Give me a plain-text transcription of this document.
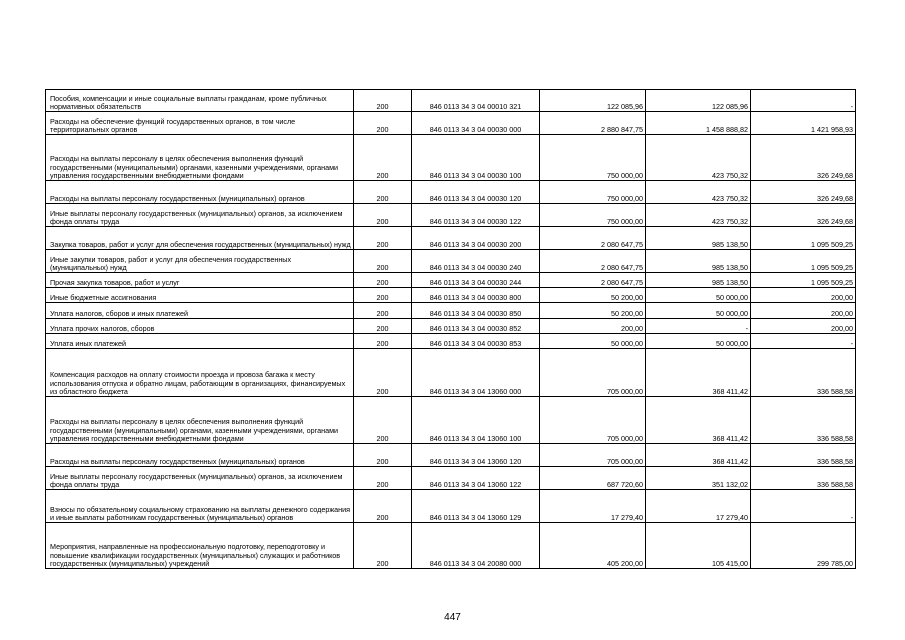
Пособия, компенсации и иные социальные выплаты гражданам, кроме публичных нормативных обязательств	200	846 0113 34 3 04 00010 321	122 085,96	122 085,96	-
Расходы на обеспечение функций государственных органов, в том числе территориальных органов	200	846 0113 34 3 04 00030 000	2 880 847,75	1 458 888,82	1 421 958,93
Расходы на выплаты персоналу в целях обеспечения выполнения функций государственными (муниципальными) органами, казенными учреждениями, органами управления государственными внебюджетными фондами	200	846 0113 34 3 04 00030 100	750 000,00	423 750,32	326 249,68
Расходы на выплаты персоналу государственных (муниципальных) органов	200	846 0113 34 3 04 00030 120	750 000,00	423 750,32	326 249,68
Иные выплаты персоналу государственных (муниципальных) органов, за исключением фонда оплаты труда	200	846 0113 34 3 04 00030 122	750 000,00	423 750,32	326 249,68
Закупка товаров, работ и услуг для обеспечения государственных (муниципальных) нужд	200	846 0113 34 3 04 00030 200	2 080 647,75	985 138,50	1 095 509,25
Иные закупки товаров, работ и услуг для обеспечения государственных (муниципальных) нужд	200	846 0113 34 3 04 00030 240	2 080 647,75	985 138,50	1 095 509,25
Прочая закупка товаров, работ и услуг	200	846 0113 34 3 04 00030 244	2 080 647,75	985 138,50	1 095 509,25
Иные бюджетные ассигнования	200	846 0113 34 3 04 00030 800	50 200,00	50 000,00	200,00
Уплата налогов, сборов и иных платежей	200	846 0113 34 3 04 00030 850	50 200,00	50 000,00	200,00
Уплата прочих налогов, сборов	200	846 0113 34 3 04 00030 852	200,00	-	200,00
Уплата иных платежей	200	846 0113 34 3 04 00030 853	50 000,00	50 000,00	-
Компенсация расходов на оплату стоимости проезда и провоза багажа к месту использования отпуска и обратно лицам, работающим в организациях, финансируемых из областного бюджета	200	846 0113 34 3 04 13060 000	705 000,00	368 411,42	336 588,58
Расходы на выплаты персоналу в целях обеспечения выполнения функций государственными (муниципальными) органами, казенными учреждениями, органами управления государственными внебюджетными фондами	200	846 0113 34 3 04 13060 100	705 000,00	368 411,42	336 588,58
Расходы на выплаты персоналу государственных (муниципальных) органов	200	846 0113 34 3 04 13060 120	705 000,00	368 411,42	336 588,58
Иные выплаты персоналу государственных (муниципальных) органов, за исключением фонда оплаты труда	200	846 0113 34 3 04 13060 122	687 720,60	351 132,02	336 588,58
Взносы по обязательному социальному страхованию на выплаты денежного содержания и иные выплаты работникам государственных (муниципальных) органов	200	846 0113 34 3 04 13060 129	17 279,40	17 279,40	-
Мероприятия, направленные на профессиональную подготовку, переподготовку и повышение квалификации государственных (муниципальных) служащих и работников государственных (муниципальных) учреждений	200	846 0113 34 3 04 20080 000	405 200,00	105 415,00	299 785,00
447
